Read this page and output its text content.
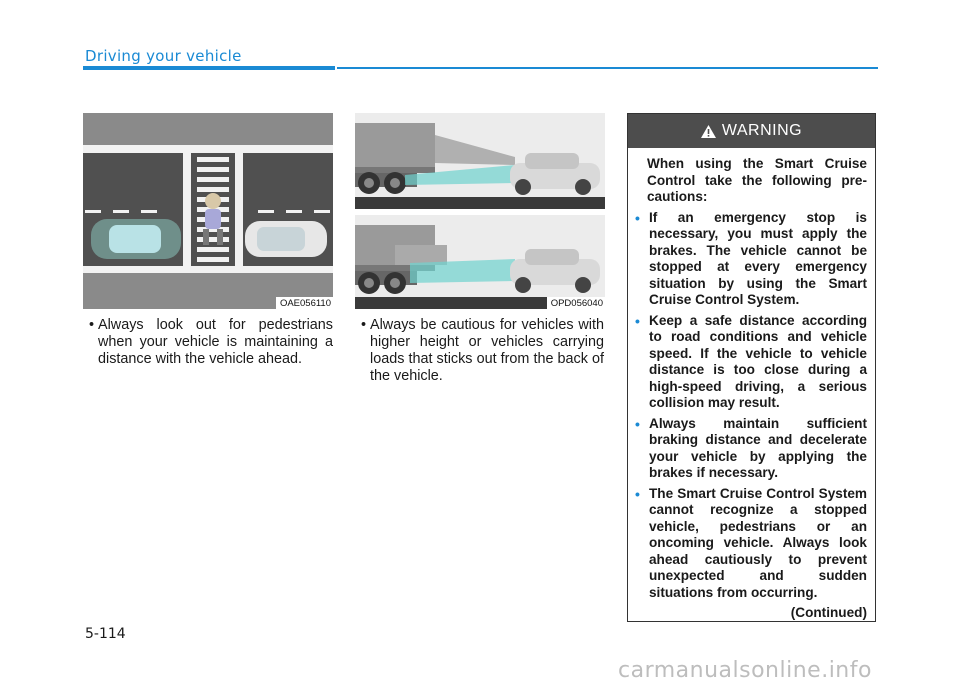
Driving your vehicle
OAE056110	OPD056040
• Always look out for pedestrians when your vehicle is maintaining a distance with the vehicle ahead.
• Always be cautious for vehicles with higher height or vehicles carrying loads that sticks out from the back of the vehicle.
WARNING
When using the Smart Cruise Control take the following pre-cautions:
• If an emergency stop is necessary, you must apply the brakes. The vehicle cannot be stopped at every emergency situation by using the Smart Cruise Control System.
• Keep a safe distance according to road conditions and vehicle speed. If the vehicle to vehicle distance is too close during a high-speed driving, a serious collision may result.
• Always maintain sufficient braking distance and decelerate your vehicle by applying the brakes if necessary.
• The Smart Cruise Control System cannot recognize a stopped vehicle, pedestrians or an oncoming vehicle. Always look ahead cautiously to prevent unexpected and sudden situations from occurring.
(Continued)
5-114
carmanualsonline.info
